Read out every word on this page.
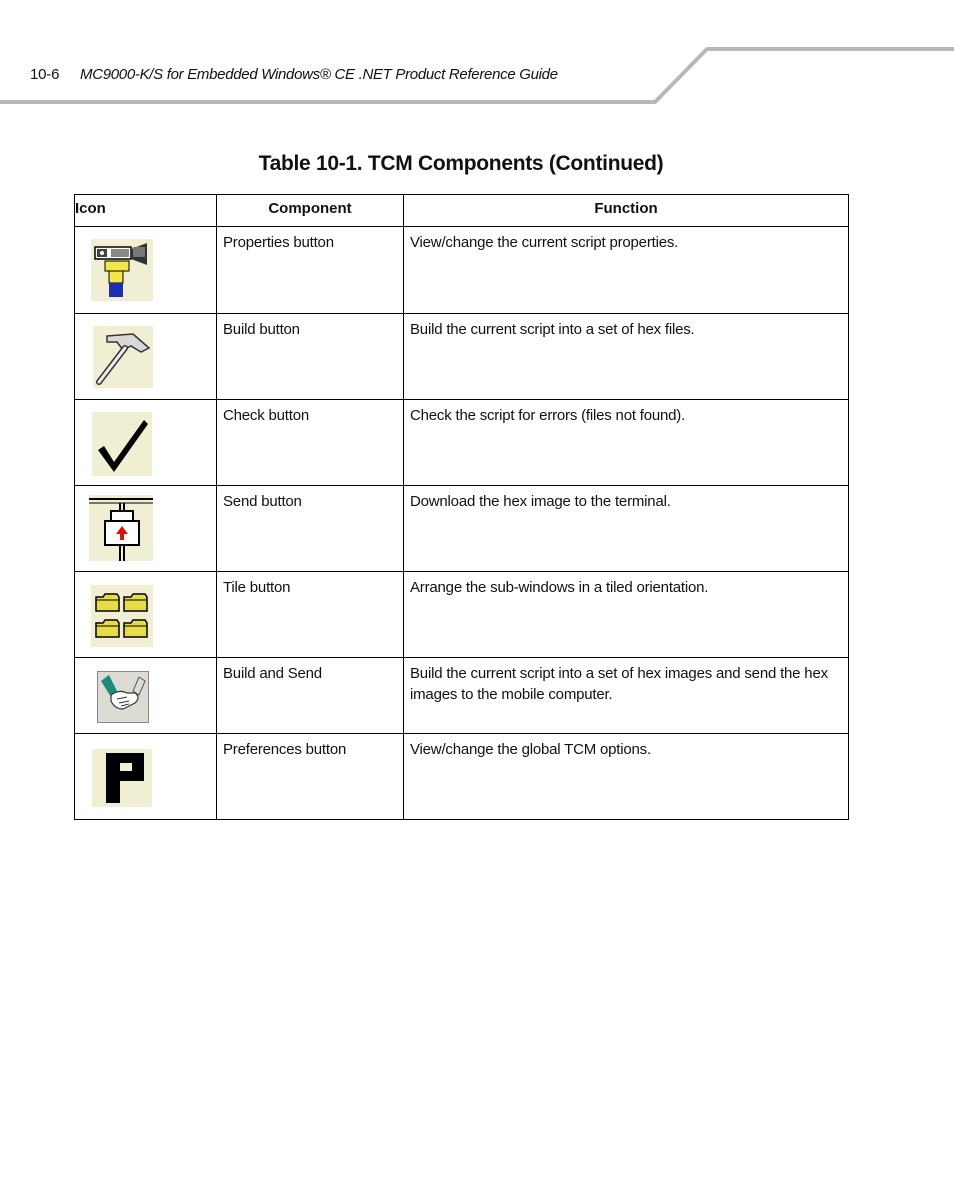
10-6 MC9000-K/S for Embedded Windows® CE .NET Product Reference Guide
Table 10-1. TCM Components (Continued)
Icon	Component	Function

Properties button	View/change the current script properties.

Build button	Build the current script into a set of hex files.

Check button	Check the script for errors (files not found).

Send button	Download the hex image to the terminal.

Tile button	Arrange the sub-windows in a tiled orientation.

Build and Send	Build the current script into a set of hex images and send the hex images to the mobile computer.

Preferences button	View/change the global TCM options.
